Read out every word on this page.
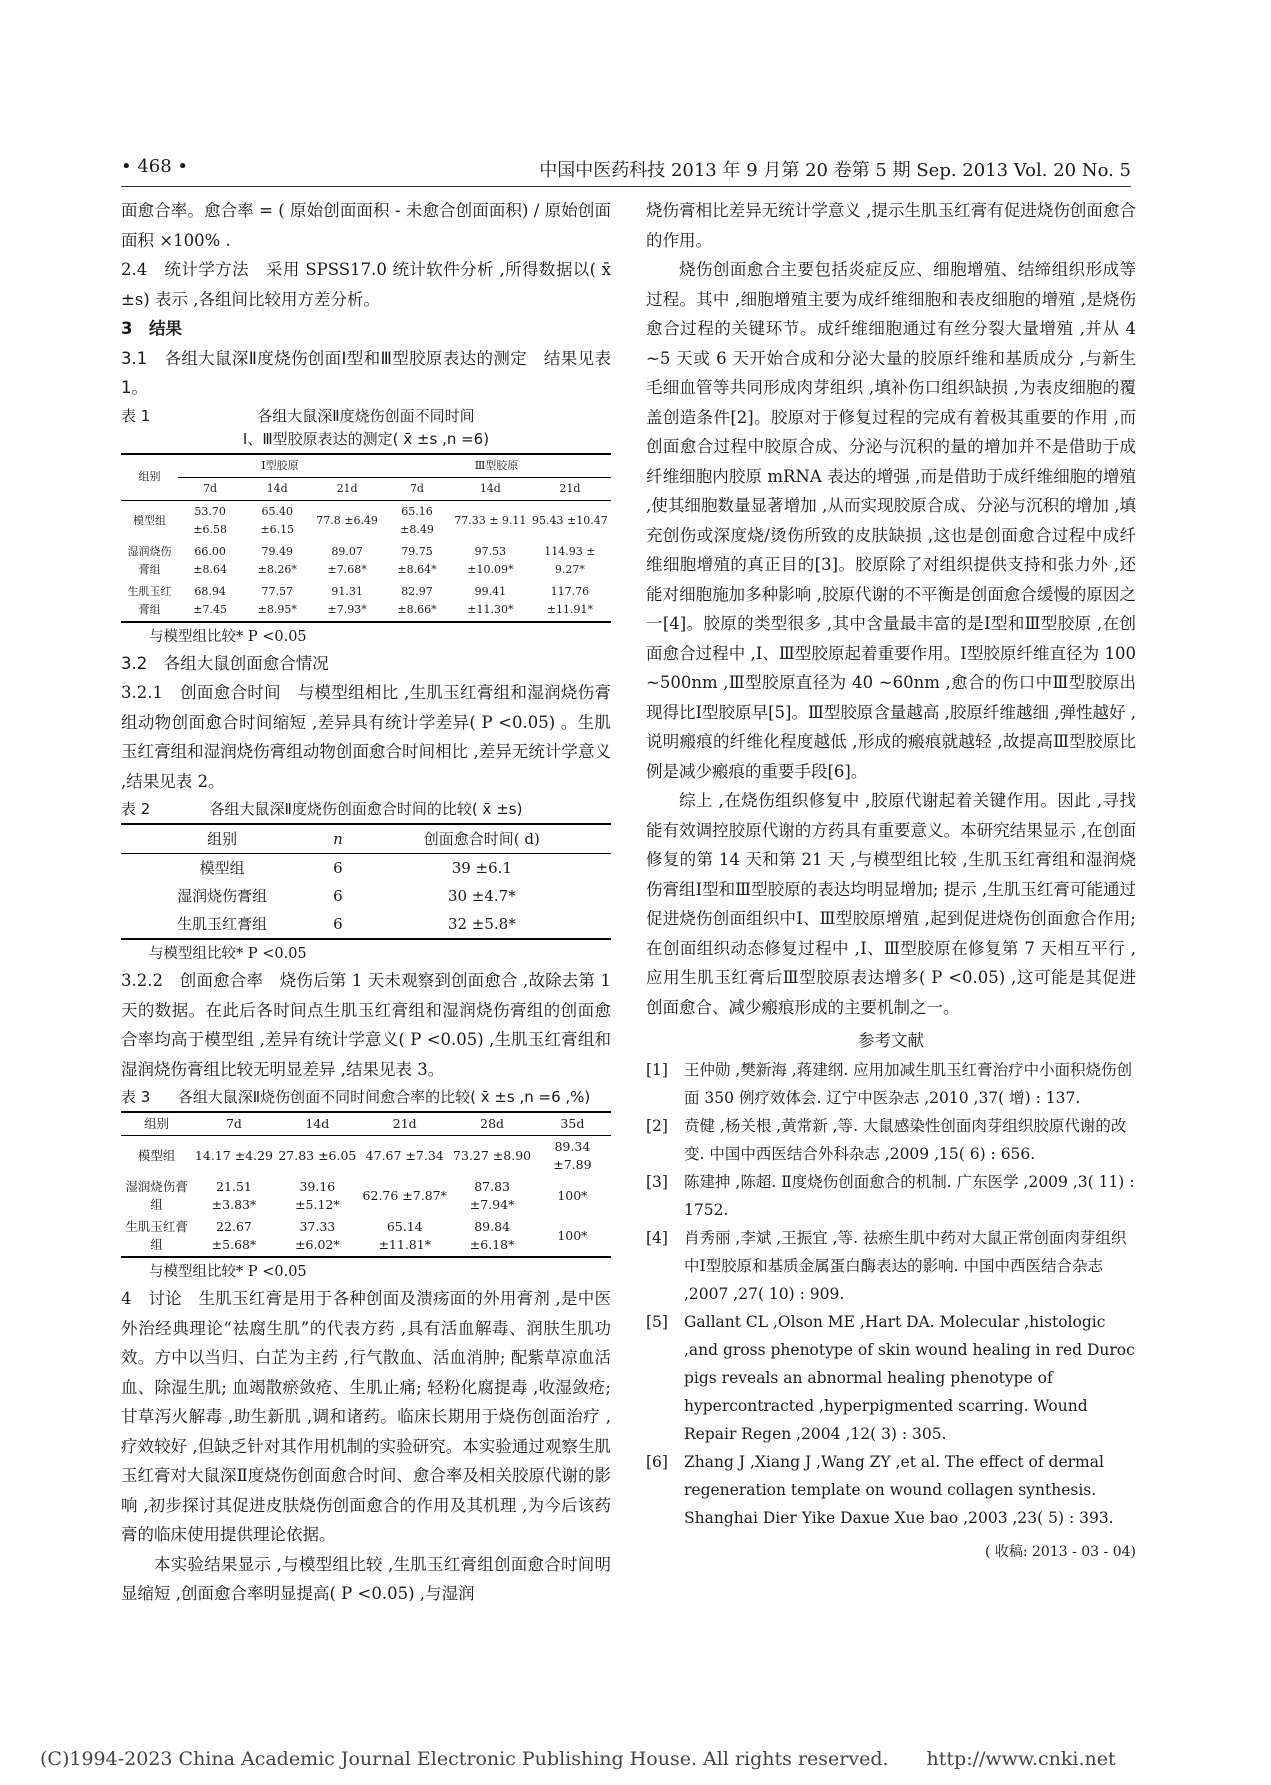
• 468 •	中国中医药科技 2013 年 9 月第 20 卷第 5 期 Sep. 2013 Vol. 20 No. 5

面愈合率。愈合率 = ( 原始创面面积 - 未愈合创面面积) / 原始创面面积 ×100% .

2.4　统计学方法　采用 SPSS17.0 统计软件分析 ,所得数据以( x̄ ±s) 表示 ,各组间比较用方差分析。

3　结果

3.1　各组大鼠深Ⅱ度烧伤创面Ⅰ型和Ⅲ型胶原表达的测定　结果见表 1。

表 1	各组大鼠深Ⅱ度烧伤创面不同时间
Ⅰ、Ⅲ型胶原表达的测定( x̄ ±s ,n =6)
组别	Ⅰ型胶原			Ⅲ型胶原		
	7d	14d	21d	7d	14d	21d
模型组	53.70 ±6.58	65.40 ±6.15	77.8 ±6.49	65.16 ±8.49	77.33 ± 9.11	95.43 ±10.47
湿润烧伤膏组	66.00 ±8.64	79.49 ±8.26*	89.07 ±7.68*	79.75 ±8.64*	97.53 ±10.09*	114.93 ± 9.27*
生肌玉红膏组	68.94 ±7.45	77.57 ±8.95*	91.31 ±7.93*	82.97 ±8.66*	99.41 ±11.30*	117.76 ±11.91*

与模型组比较* P <0.05

3.2　各组大鼠创面愈合情况

3.2.1　创面愈合时间　与模型组相比 ,生肌玉红膏组和湿润烧伤膏组动物创面愈合时间缩短 ,差异具有统计学差异( P <0.05) 。生肌玉红膏组和湿润烧伤膏组动物创面愈合时间相比 ,差异无统计学意义 ,结果见表 2。

表 2	各组大鼠深Ⅱ度烧伤创面愈合时间的比较( x̄ ±s)
组别	n	创面愈合时间( d)
模型组	6	39 ±6.1
湿润烧伤膏组	6	30 ±4.7*
生肌玉红膏组	6	32 ±5.8*

与模型组比较* P <0.05

3.2.2　创面愈合率　烧伤后第 1 天未观察到创面愈合 ,故除去第 1 天的数据。在此后各时间点生肌玉红膏组和湿润烧伤膏组的创面愈合率均高于模型组 ,差异有统计学意义( P <0.05) ,生肌玉红膏组和湿润烧伤膏组比较无明显差异 ,结果见表 3。

表 3	各组大鼠深Ⅱ烧伤创面不同时间愈合率的比较( x̄ ±s ,n =6 ,%)
组别	7d	14d	21d	28d	35d
模型组	14.17 ±4.29	27.83 ±6.05	47.67 ±7.34	73.27 ±8.90	89.34 ±7.89
湿润烧伤膏组	21.51 ±3.83*	39.16 ±5.12*	62.76 ±7.87*	87.83 ±7.94*	100*
生肌玉红膏组	22.67 ±5.68*	37.33 ±6.02*	65.14 ±11.81*	89.84 ±6.18*	100*

与模型组比较* P <0.05

4　讨论　生肌玉红膏是用于各种创面及溃疡面的外用膏剂 ,是中医外治经典理论“祛腐生肌”的代表方药 ,具有活血解毒、润肤生肌功效。方中以当归、白芷为主药 ,行气散血、活血消肿; 配紫草凉血活血、除湿生肌; 血竭散瘀敛疮、生肌止痛; 轻粉化腐提毒 ,收湿敛疮; 甘草泻火解毒 ,助生新肌 ,调和诸药。临床长期用于烧伤创面治疗 ,疗效较好 ,但缺乏针对其作用机制的实验研究。本实验通过观察生肌玉红膏对大鼠深Ⅱ度烧伤创面愈合时间、愈合率及相关胶原代谢的影响 ,初步探讨其促进皮肤烧伤创面愈合的作用及其机理 ,为今后该药膏的临床使用提供理论依据。

本实验结果显示 ,与模型组比较 ,生肌玉红膏组创面愈合时间明显缩短 ,创面愈合率明显提高( P <0.05) ,与湿润

烧伤膏相比差异无统计学意义 ,提示生肌玉红膏有促进烧伤创面愈合的作用。

烧伤创面愈合主要包括炎症反应、细胞增殖、结缔组织形成等过程。其中 ,细胞增殖主要为成纤维细胞和表皮细胞的增殖 ,是烧伤愈合过程的关键环节。成纤维细胞通过有丝分裂大量增殖 ,并从 4 ~5 天或 6 天开始合成和分泌大量的胶原纤维和基质成分 ,与新生毛细血管等共同形成肉芽组织 ,填补伤口组织缺损 ,为表皮细胞的覆盖创造条件[2]。胶原对于修复过程的完成有着极其重要的作用 ,而创面愈合过程中胶原合成、分泌与沉积的量的增加并不是借助于成纤维细胞内胶原 mRNA 表达的增强 ,而是借助于成纤维细胞的增殖 ,使其细胞数量显著增加 ,从而实现胶原合成、分泌与沉积的增加 ,填充创伤或深度烧/烫伤所致的皮肤缺损 ,这也是创面愈合过程中成纤维细胞增殖的真正目的[3]。胶原除了对组织提供支持和张力外 ,还能对细胞施加多种影响 ,胶原代谢的不平衡是创面愈合缓慢的原因之一[4]。胶原的类型很多 ,其中含量最丰富的是Ⅰ型和Ⅲ型胶原 ,在创面愈合过程中 ,Ⅰ、Ⅲ型胶原起着重要作用。Ⅰ型胶原纤维直径为 100 ~500nm ,Ⅲ型胶原直径为 40 ~60nm ,愈合的伤口中Ⅲ型胶原出现得比Ⅰ型胶原早[5]。Ⅲ型胶原含量越高 ,胶原纤维越细 ,弹性越好 ,说明瘢痕的纤维化程度越低 ,形成的瘢痕就越轻 ,故提高Ⅲ型胶原比例是减少瘢痕的重要手段[6]。

综上 ,在烧伤组织修复中 ,胶原代谢起着关键作用。因此 ,寻找能有效调控胶原代谢的方药具有重要意义。本研究结果显示 ,在创面修复的第 14 天和第 21 天 ,与模型组比较 ,生肌玉红膏组和湿润烧伤膏组Ⅰ型和Ⅲ型胶原的表达均明显增加; 提示 ,生肌玉红膏可能通过促进烧伤创面组织中Ⅰ、Ⅲ型胶原增殖 ,起到促进烧伤创面愈合作用; 在创面组织动态修复过程中 ,Ⅰ、Ⅲ型胶原在修复第 7 天相互平行 ,应用生肌玉红膏后Ⅲ型胶原表达增多( P <0.05) ,这可能是其促进创面愈合、减少瘢痕形成的主要机制之一。

参考文献
[1] 王仲勋 ,樊新海 ,蒋建纲. 应用加减生肌玉红膏治疗中小面积烧伤创面 350 例疗效体会. 辽宁中医杂志 ,2010 ,37( 增) : 137.
[2] 贲健 ,杨关根 ,黄常新 ,等. 大鼠感染性创面肉芽组织胶原代谢的改变. 中国中西医结合外科杂志 ,2009 ,15( 6) : 656.
[3] 陈建抻 ,陈超. Ⅱ度烧伤创面愈合的机制. 广东医学 ,2009 ,3( 11) : 1752.
[4] 肖秀丽 ,李斌 ,王振宜 ,等. 祛瘀生肌中药对大鼠正常创面肉芽组织中Ⅰ型胶原和基质金属蛋白酶表达的影响. 中国中西医结合杂志 ,2007 ,27( 10) : 909.
[5] Gallant CL ,Olson ME ,Hart DA. Molecular ,histologic ,and gross phenotype of skin wound healing in red Duroc pigs reveals an abnormal healing phenotype of hypercontracted ,hyperpigmented scarring. Wound Repair Regen ,2004 ,12( 3) : 305.
[6] Zhang J ,Xiang J ,Wang ZY ,et al. The effect of dermal regeneration template on wound collagen synthesis. Shanghai Dier Yike Daxue Xue bao ,2003 ,23( 5) : 393.
( 收稿: 2013 - 03 - 04)
(C)1994-2023 China Academic Journal Electronic Publishing House. All rights reserved.　　http://www.cnki.net
